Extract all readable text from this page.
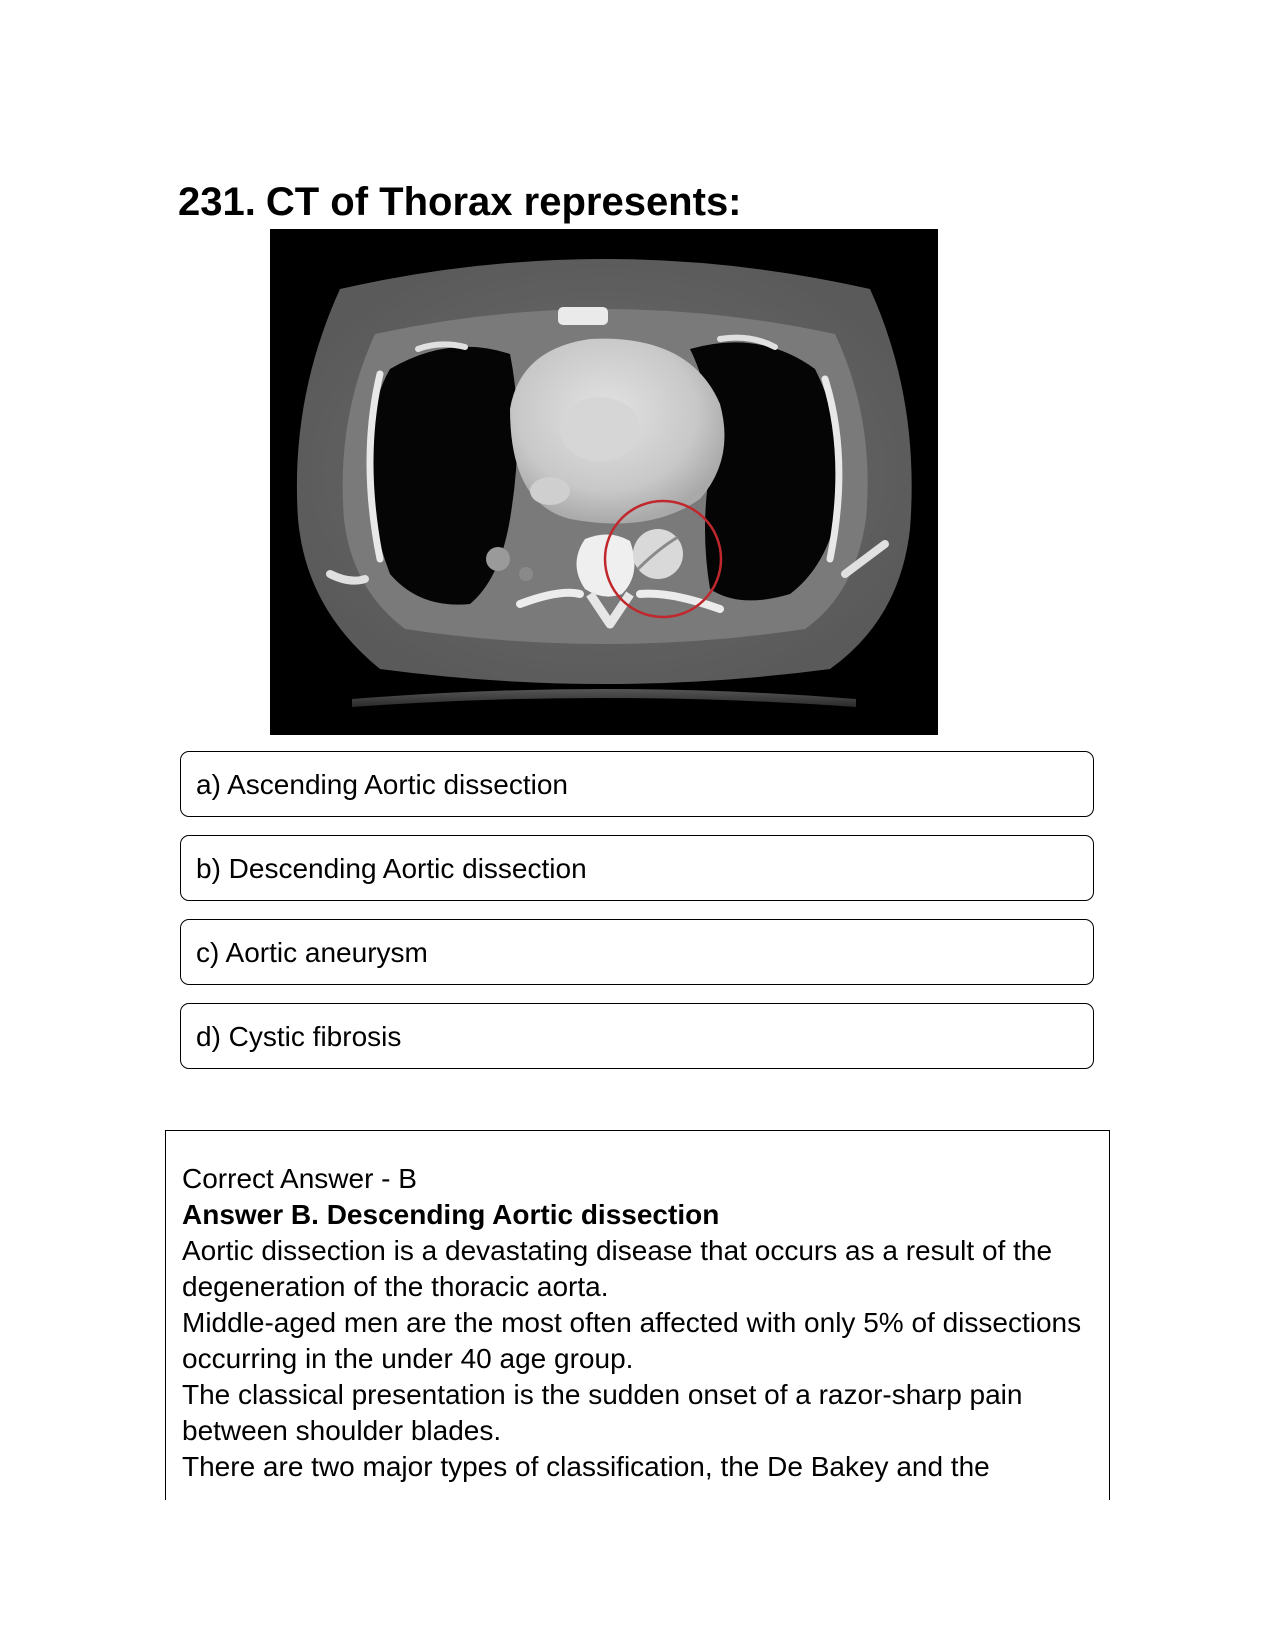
231. CT of Thorax represents:
a) Ascending Aortic dissection
b) Descending Aortic dissection
c) Aortic aneurysm
d) Cystic fibrosis

Correct Answer - B

Answer B. Descending Aortic dissection

Aortic dissection is a devastating disease that occurs as a result of the degeneration of the thoracic aorta.

Middle-aged men are the most often affected with only 5% of dissections occurring in the under 40 age group.

The classical presentation is the sudden onset of a razor-sharp pain between shoulder blades.

There are two major types of classification, the De Bakey and the
